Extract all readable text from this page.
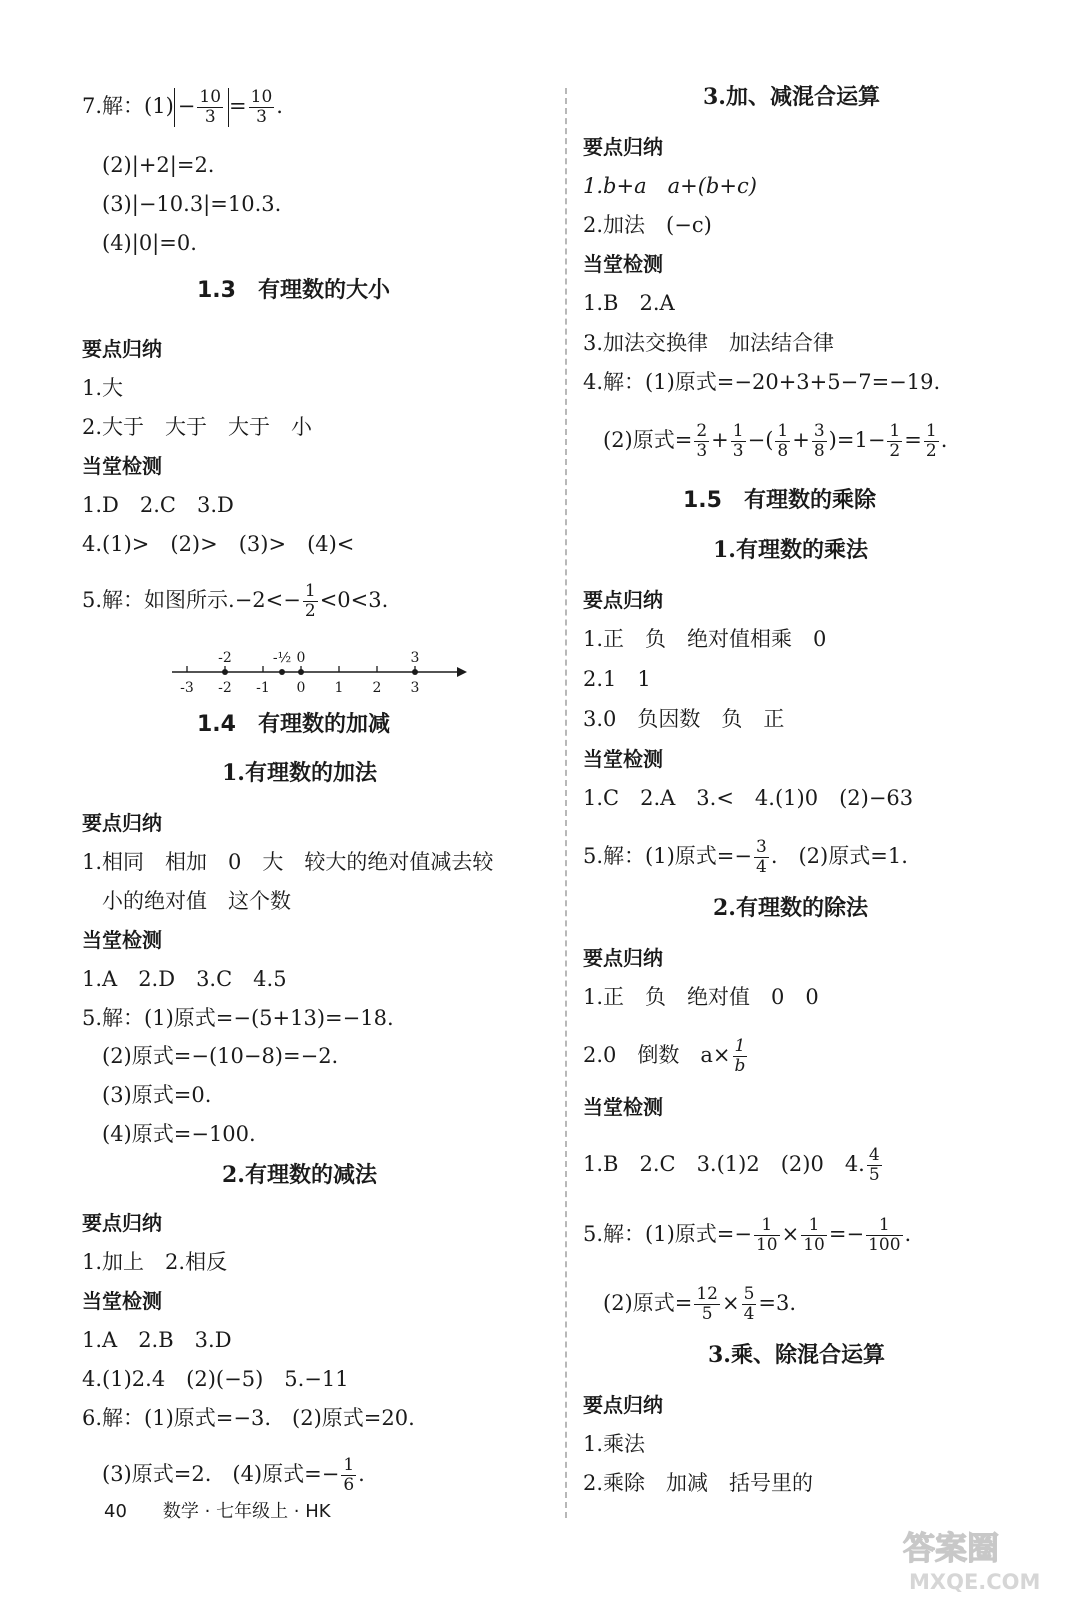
7.解：$(1) - \frac{10}{3} = \frac{10}{3}$ .
(2)|+2|=2.
(3)|−10.3|=10.3.
(4)|0|=0.
1.3　有理数的大小
要点归纳
1.大
2.大于　大于　大于　小
当堂检测
1.D　2.C　3.D
4.(1)>　(2)>　(3)>　(4)<
5.解：如图所示$.-2<- \frac{1}{2} <0<3$.
-3 -2 -1 0 1 2 3
-2	-½ 0	3
1.4　有理数的加减
1.有理数的加法
要点归纳
1.相同　相加　0　大　较大的绝对值减去较
小的绝对值　这个数
当堂检测
1.A　2.D　3.C　4.5
5.解：(1)原式=−(5+13)=−18.
(2)原式=−(10−8)=−2.
(3)原式=0.
(4)原式=−100.
2.有理数的减法
要点归纳
1.加上　2.相反
当堂检测
1.A　2.B　3.D
4.(1)2.4　(2)(−5)　5.−11
6.解：(1)原式=−3.　(2)原式=20.
(3)原式=2.　(4)原式=− $\frac{1}{6}$ .
3.加、减混合运算
要点归纳
1.b+a　a+(b+c)
2.加法　(−c)
当堂检测
1.B　2.A
3.加法交换律　加法结合律
4.解：(1)原式=−20+3+5−7=−19.
(2)原式= $\frac{2}{3} + \frac{1}{3}$ −( $\frac{1}{8} + \frac{3}{8} )=1- \frac{1}{2} = \frac{1}{2}$ .
1.5　有理数的乘除
1.有理数的乘法
要点归纳
1.正　负　绝对值相乘　0
2.1　1
3.0　负因数　负　正
当堂检测
1.C　2.A　3.<　4.(1)0　(2)−63
5.解：(1)原式=− $\frac{3}{4}$ .　(2)原式=1.
2.有理数的除法
要点归纳
1.正　负　绝对值　0　0
2.0　倒数　$a\times \frac{1}{b}$
当堂检测
1.B　2.C　3.(1)2　(2)0　4. $\frac{4}{5}$
5.解：(1)原式=− $\frac{1}{10} \times \frac{1}{10} =- \frac{1}{100}$ .
(2)原式= $\frac{12}{5} \times \frac{5}{4} =3$.
3.乘、除混合运算
要点归纳
1.乘法
2.乘除　加减　括号里的
40 数学 · 七年级上 · HK
答案圈
MXQE.COM
